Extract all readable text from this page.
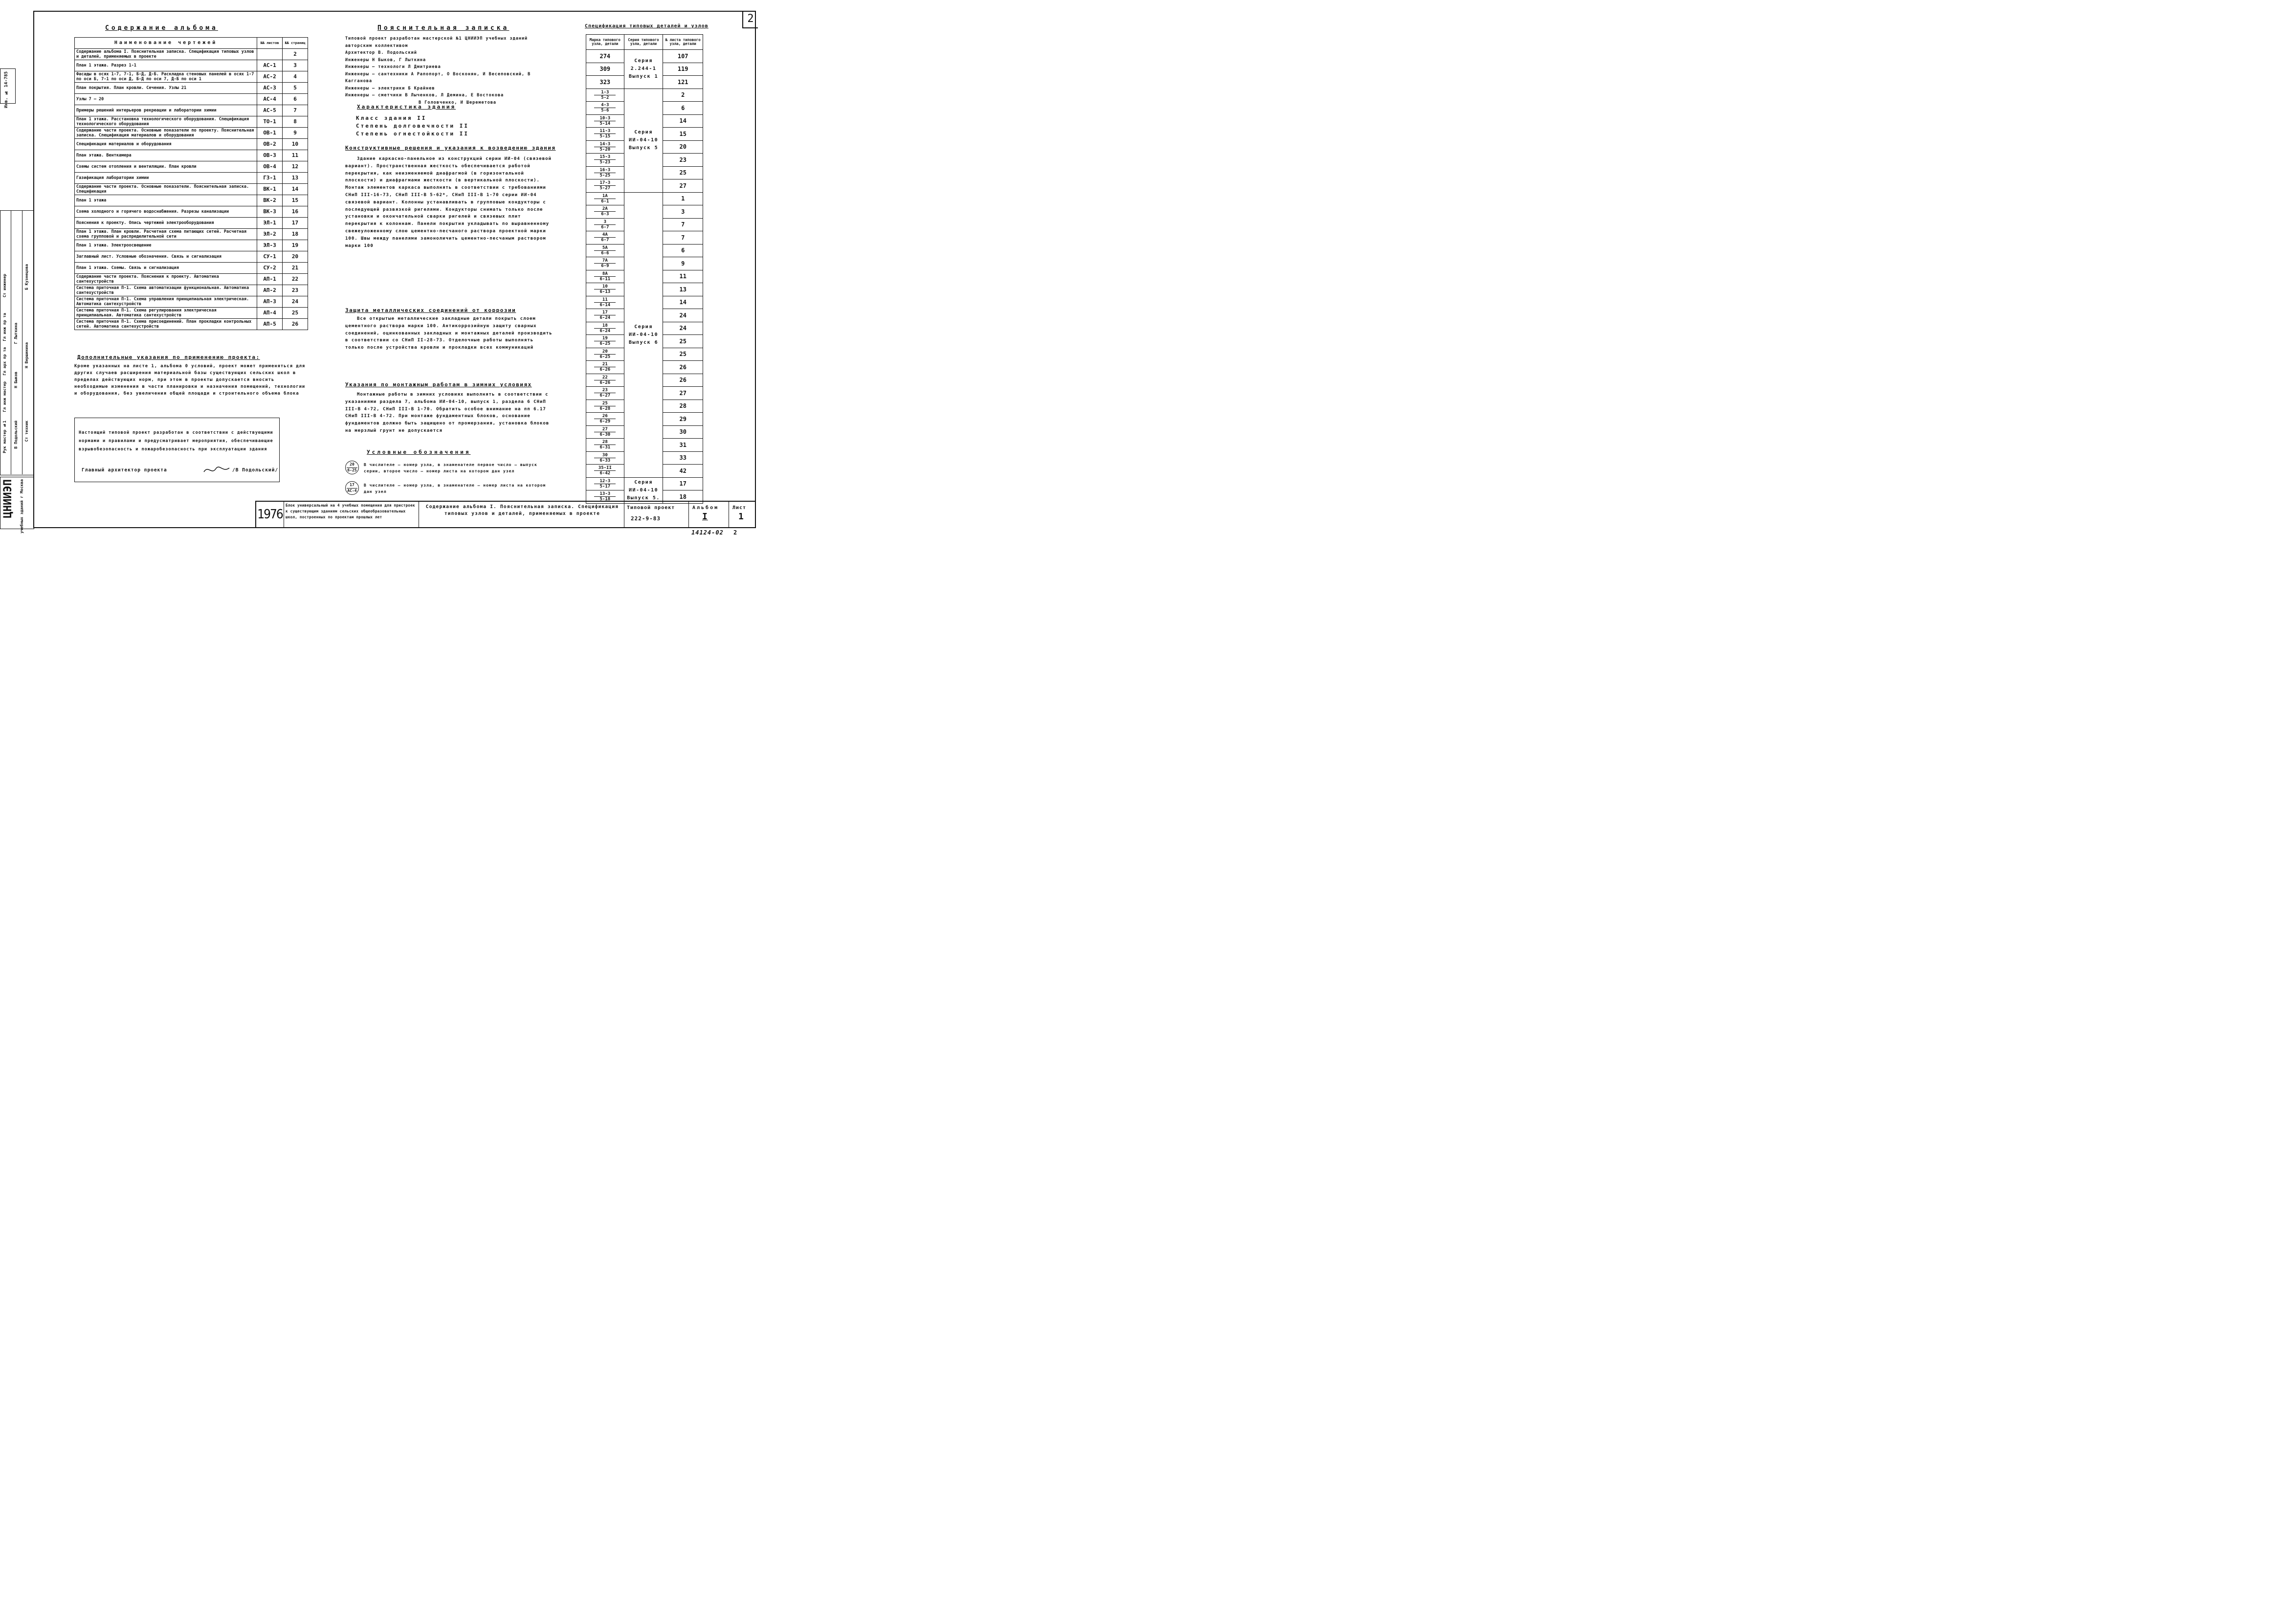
2
Инв. № 14-785
Рук мастер №1
Гл инж мастер
Гл арх пр та
Гл инж пр та
Ст инженер
В Подольский
Н Быков
Г Лыткина
Ст техник
Н Вершинина
Б Кузнецова
ЦНИИЭП учебных зданий г Москва
Содержание альбома
Наименование чертежей	№№ листов	№№ страниц
Содержание альбома I. Пояснительная записка. Спецификация типовых узлов и деталей, применяемых в проекте		2
План 1 этажа. Разрез 1-1	АС-1	3
Фасады в осях 1-7, 7-1, Б-Д, Д-Б. Раскладка стеновых панелей в осях 1-7 по оси Б, 7-1 по оси Д, Б-Д по оси 7, Д-Б по оси 1	АС-2	4
План покрытия. План кровли. Сечения. Узлы 21	АС-3	5
Узлы 7 — 20	АС-4	6
Примеры решений интерьеров рекреации и лаборатории химии	АС-5	7
План 1 этажа. Расстановка технологического оборудования. Спецификация технологического оборудования	ТО-1	8
Содержание части проекта. Основные показатели по проекту. Пояснительная записка. Спецификация материалов и оборудования	ОВ-1	9
Спецификация материалов и оборудования	ОВ-2	10
План этажа. Венткамера	ОВ-3	11
Схемы систем отопления и вентиляции. План кровли	ОВ-4	12
Газификация лаборатории химии	ГЗ-1	13
Содержание части проекта. Основные показатели. Пояснительная записка. Спецификация	ВК-1	14
План 1 этажа	ВК-2	15
Схема холодного и горячего водоснабжения. Разрезы канализации	ВК-3	16
Пояснения к проекту. Опись чертежей электрооборудования	ЭЛ-1	17
План 1 этажа. План кровли. Расчетная схема питающих сетей. Расчетная схема групповой и распределительной сети	ЭЛ-2	18
План 1 этажа. Электроосвещение	ЭЛ-3	19
Заглавный лист. Условные обозначения. Связь и сигнализация	СУ-1	20
План 1 этажа. Схемы. Связь и сигнализация	СУ-2	21
Содержание части проекта. Пояснения к проекту. Автоматика сантехустройств	АП-1	22
Система приточная П-1. Схема автоматизации функциональная. Автоматика сантехустройств	АП-2	23
Система приточная П-1. Схема управления принципиальная электрическая. Автоматика сантехустройств	АП-3	24
Система приточная П-1. Схема регулирования электрическая принципиальная. Автоматика сантехустройств	АП-4	25
Система приточная П-1. Схема присоединений. План прокладки контрольных сетей. Автоматика сантехустройств	АП-5	26
Дополнительные указания по применению проекта:
Кроме указанных на листе 1, альбома 0 условий, проект может применяться для других случаев расширения материальной базы существующих сельских школ в пределах действующих норм, при этом в проекты допускается вносить необходимые изменения в части планировки и назначения помещений, технологии и оборудования, без увеличения общей площади и строительного объема блока
Настоящий типовой проект разработан в соответствии с действующими нормами и правилами и предусматривает мероприятия, обеспечивающие взрывобезопасность и пожаробезопасность при эксплуатации здания
Главный архитектор проекта	/В Подольский/
Пояснительная записка
Типовой проект разработан мастерской №1 ЦНИИЭП учебных зданий
авторским коллективом
Архитектор В. Подольский
Инженеры Н Быков, Г Лыткина
Инженеры — технологи Л Дмитриева
Инженеры — сантехники А Рапопорт, О Восконян, И Весеповский, В Кагганова
Инженеры — электрики Б Крайнев
Инженеры — сметчики В Лыченков, Л Демина, Е Востокова
В Головченко, И Шереметова
Характеристика здания
Класс здания II
Степень долговечности II
Степень огнестойкости II
Конструктивные решения и указания к возведению здания
Здание каркасно-панельное из конструкций серии ИИ-04 (связевой вариант). Пространственная жесткость обеспечивается работой перекрытия, как неизменяемой диафрагмой (в горизонтальной плоскости) и диафрагмами жесткости (в вертикальной плоскости). Монтаж элементов каркаса выполнять в соответствии с требованиями СНиП III-16-73, СНиП III-В 5-62*, СНиП III-В 1-70 серии ИИ-04 связевой вариант. Колонны устанавливать в групповые кондукторы с последующей развязкой ригелями. Кондукторы снимать только после установки и окончательной сварки ригелей и связевых плит перекрытия к колоннам. Панели покрытия укладывать по выравненному свежеуложенному слою цементно-песчаного раствора проектной марки 100. Швы между панелями замоноличить цементно-песчаным раствором марки 100
Защита металлических соединений от коррозии
Все открытые металлические закладные детали покрыть слоем цементного раствора марки 100. Антикоррозийную защиту сварных соединений, оцинкованных закладных и монтажных деталей производить в соответствии со СНиП II-28-73. Отделочные работы выполнять только после устройства кровли и прокладки всех коммуникаций
Указания по монтажным работам в зимних условиях
Монтажные работы в зимних условиях выполнять в соответствии с указаниями раздела 7, альбома ИИ-04-10, выпуск 1, раздела 6 СНиП III-В 4-72, СНиП III-В 1-70. Обратить особое внимание на пп 6.17 СНиП III-В 4-72. При монтаже фундаментных блоков, основание фундаментов должно быть защищено от промерзания, установка блоков на мерзлый грунт не допускается
Условные обозначения
20
6-25
В числителе — номер узла, в знаменателе первое число — выпуск серии, второе число — номер листа на котором дан узел
17
АС-4
В числителе — номер узла, в знаменателе — номер листа на котором дан узел
Спецификация типовых деталей и узлов
Марка типового узла, детали	Серия типового узла, детали	№ листа типового узла, детали
274	Серия 2.244-1 Выпуск 1	107
309		119
323		121

$\frac{1-3}{5-2}$	Серия ИИ-04-10 Выпуск 5	2

$\frac{4-3}{5-6}$		6

$\frac{10-3}{5-14}$		14

$\frac{11-3}{5-15}$		15

$\frac{14-3}{5-20}$		20

$\frac{15-3}{5-23}$		23

$\frac{16-3}{5-25}$		25

$\frac{17-3}{5-27}$		27

$\frac{1А}{6-1}$	Серия ИИ-04-10 Выпуск 6	1

$\frac{2А}{6-3}$		3

$\frac{3}{6-7}$		7

$\frac{4А}{6-7}$		7

$\frac{5А}{6-6}$		6

$\frac{7А}{6-9}$		9

$\frac{8А}{6-11}$		11

$\frac{10}{6-13}$		13

$\frac{11}{6-14}$		14

$\frac{17}{6-24}$		24

$\frac{18}{6-24}$		24

$\frac{19}{6-25}$		25

$\frac{20}{6-25}$		25

$\frac{21}{6-26}$		26

$\frac{22}{6-26}$		26

$\frac{23}{6-27}$		27

$\frac{25}{6-28}$		28

$\frac{26}{6-29}$		29

$\frac{27}{6-30}$		30

$\frac{28}{6-31}$		31

$\frac{30}{6-33}$		33

$\frac{35-II}{6-42}$		42

$\frac{12-3}{5-17}$	Серия ИИ-04-10 Выпуск 5.	17

$\frac{13-3}{5-18}$		18
1976
Блок универсальный на 4 учебных помещения для пристроек к существующим зданиям сельских общеобразовательных школ, построенных по проектам прошлых лет
Содержание альбома I. Пояснительная записка. Спецификация типовых узлов и деталей, применяемых в проекте
Типовой проект
222-9-83
Альбом
I
Лист
1
14124-02 2
